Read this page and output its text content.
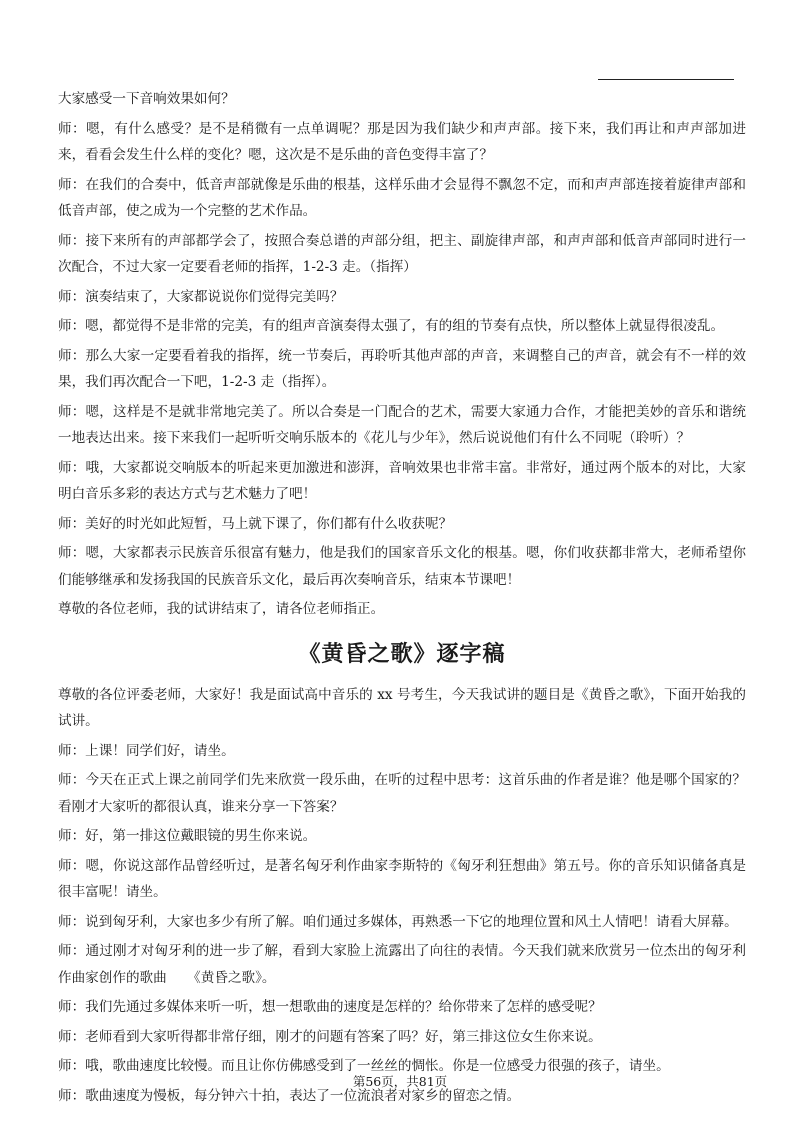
大家感受一下音响效果如何？

师：嗯，有什么感受？是不是稍微有一点单调呢？那是因为我们缺少和声声部。接下来，我们再让和声声部加进来，看看会发生什么样的变化？嗯，这次是不是乐曲的音色变得丰富了？

师：在我们的合奏中，低音声部就像是乐曲的根基，这样乐曲才会显得不飘忽不定，而和声声部连接着旋律声部和低音声部，使之成为一个完整的艺术作品。

师：接下来所有的声部都学会了，按照合奏总谱的声部分组，把主、副旋律声部，和声声部和低音声部同时进行一次配合，不过大家一定要看老师的指挥，1-2-3 走。（指挥）

师：演奏结束了，大家都说说你们觉得完美吗？

师：嗯，都觉得不是非常的完美，有的组声音演奏得太强了，有的组的节奏有点快，所以整体上就显得很凌乱。

师：那么大家一定要看着我的指挥，统一节奏后，再聆听其他声部的声音，来调整自己的声音，就会有不一样的效果，我们再次配合一下吧，1-2-3 走（指挥）。

师：嗯，这样是不是就非常地完美了。所以合奏是一门配合的艺术，需要大家通力合作，才能把美妙的音乐和谐统一地表达出来。接下来我们一起听听交响乐版本的《花儿与少年》，然后说说他们有什么不同呢（聆听）？

师：哦，大家都说交响版本的听起来更加激进和澎湃，音响效果也非常丰富。非常好，通过两个版本的对比，大家明白音乐多彩的表达方式与艺术魅力了吧！

师：美好的时光如此短暂，马上就下课了，你们都有什么收获呢？

师：嗯，大家都表示民族音乐很富有魅力，他是我们的国家音乐文化的根基。嗯，你们收获都非常大，老师希望你们能够继承和发扬我国的民族音乐文化，最后再次奏响音乐，结束本节课吧！

尊敬的各位老师，我的试讲结束了，请各位老师指正。

《黄昏之歌》逐字稿

尊敬的各位评委老师，大家好！我是面试高中音乐的 xx 号考生，今天我试讲的题目是《黄昏之歌》，下面开始我的试讲。

师：上课！同学们好，请坐。

师：今天在正式上课之前同学们先来欣赏一段乐曲，在听的过程中思考：这首乐曲的作者是谁？他是哪个国家的？看刚才大家听的都很认真，谁来分享一下答案？

师：好，第一排这位戴眼镜的男生你来说。

师：嗯，你说这部作品曾经听过，是著名匈牙利作曲家李斯特的《匈牙利狂想曲》第五号。你的音乐知识储备真是很丰富呢！请坐。

师：说到匈牙利，大家也多少有所了解。咱们通过多媒体，再熟悉一下它的地理位置和风土人情吧！请看大屏幕。

师：通过刚才对匈牙利的进一步了解，看到大家脸上流露出了向往的表情。今天我们就来欣赏另一位杰出的匈牙利作曲家创作的歌曲　　《黄昏之歌》。

师：我们先通过多媒体来听一听，想一想歌曲的速度是怎样的？给你带来了怎样的感受呢？

师：老师看到大家听得都非常仔细，刚才的问题有答案了吗？好，第三排这位女生你来说。

师：哦，歌曲速度比较慢。而且让你仿佛感受到了一丝丝的惆怅。你是一位感受力很强的孩子，请坐。

师：歌曲速度为慢板，每分钟六十拍，表达了一位流浪者对家乡的留恋之情。

第56页，共81页
